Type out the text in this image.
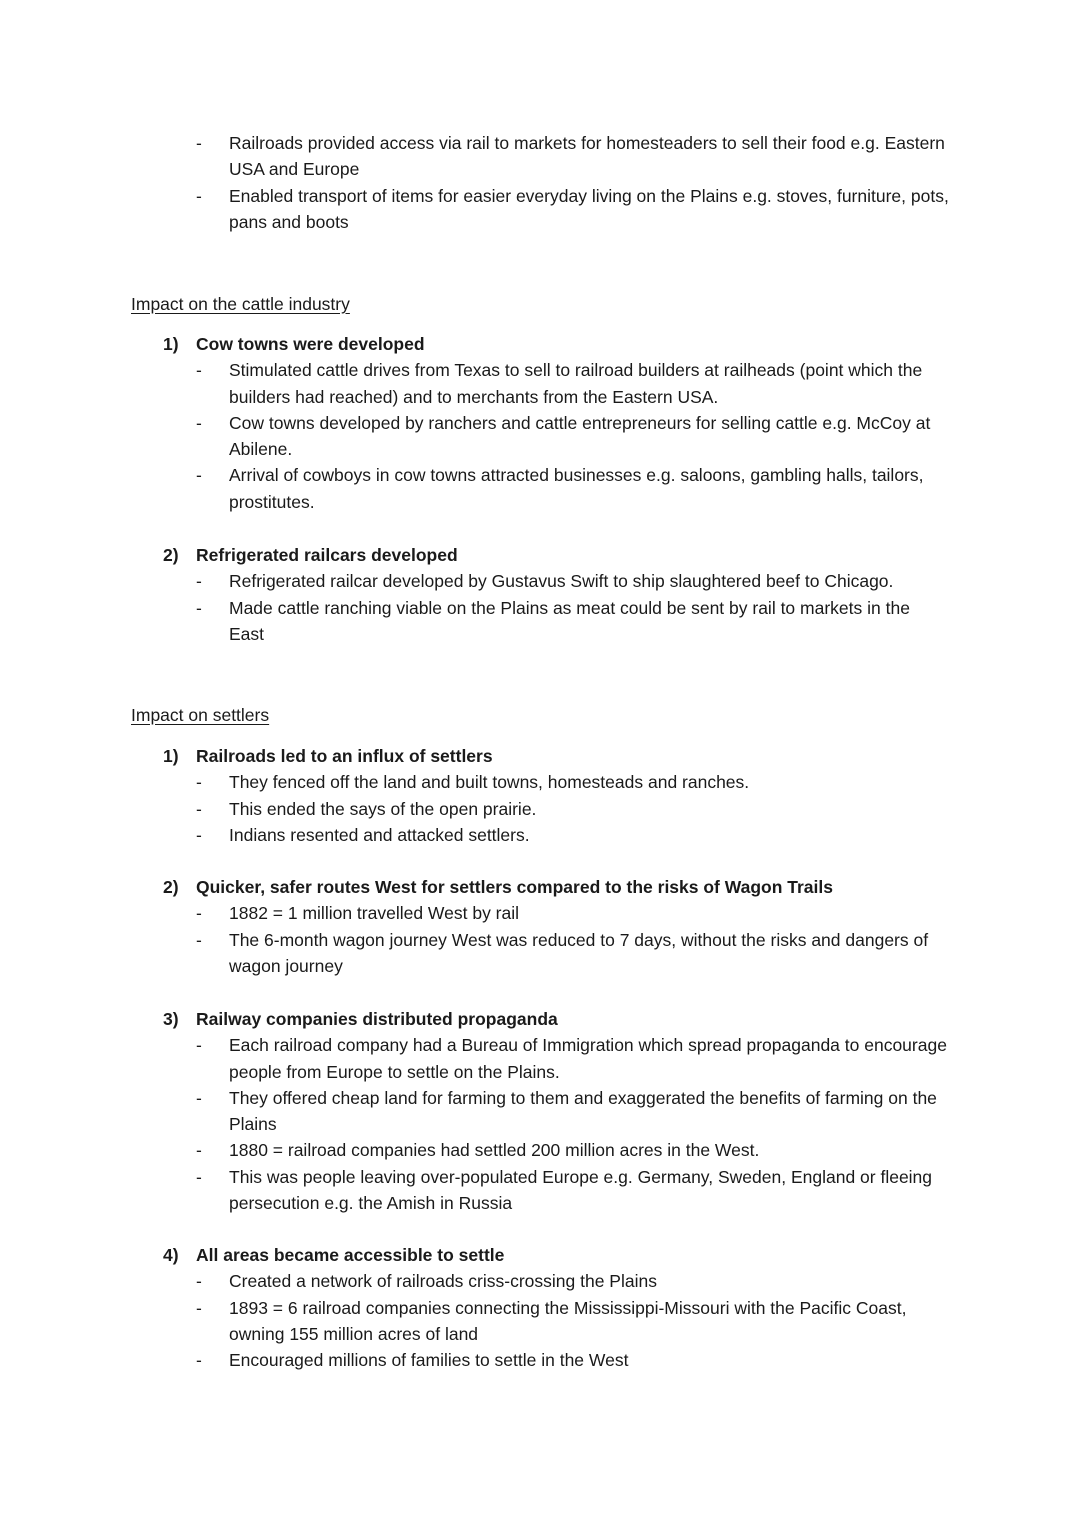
- Railroads provided access via rail to markets for homesteaders to sell their food e.g. Eastern USA and Europe
- Enabled transport of items for easier everyday living on the Plains e.g. stoves, furniture, pots, pans and boots
Impact on the cattle industry
1) Cow towns were developed
- Stimulated cattle drives from Texas to sell to railroad builders at railheads (point which the builders had reached) and to merchants from the Eastern USA.
- Cow towns developed by ranchers and cattle entrepreneurs for selling cattle e.g. McCoy at Abilene.
- Arrival of cowboys in cow towns attracted businesses e.g. saloons, gambling halls, tailors, prostitutes.
2) Refrigerated railcars developed
- Refrigerated railcar developed by Gustavus Swift to ship slaughtered beef to Chicago.
- Made cattle ranching viable on the Plains as meat could be sent by rail to markets in the East
Impact on settlers
1) Railroads led to an influx of settlers
- They fenced off the land and built towns, homesteads and ranches.
- This ended the says of the open prairie.
- Indians resented and attacked settlers.
2) Quicker, safer routes West for settlers compared to the risks of Wagon Trails
- 1882 = 1 million travelled West by rail
- The 6-month wagon journey West was reduced to 7 days, without the risks and dangers of wagon journey
3) Railway companies distributed propaganda
- Each railroad company had a Bureau of Immigration which spread propaganda to encourage people from Europe to settle on the Plains.
- They offered cheap land for farming to them and exaggerated the benefits of farming on the Plains
- 1880 = railroad companies had settled 200 million acres in the West.
- This was people leaving over-populated Europe e.g. Germany, Sweden, England or fleeing persecution e.g. the Amish in Russia
4) All areas became accessible to settle
- Created a network of railroads criss-crossing the Plains
- 1893 = 6 railroad companies connecting the Mississippi-Missouri with the Pacific Coast, owning 155 million acres of land
- Encouraged millions of families to settle in the West
